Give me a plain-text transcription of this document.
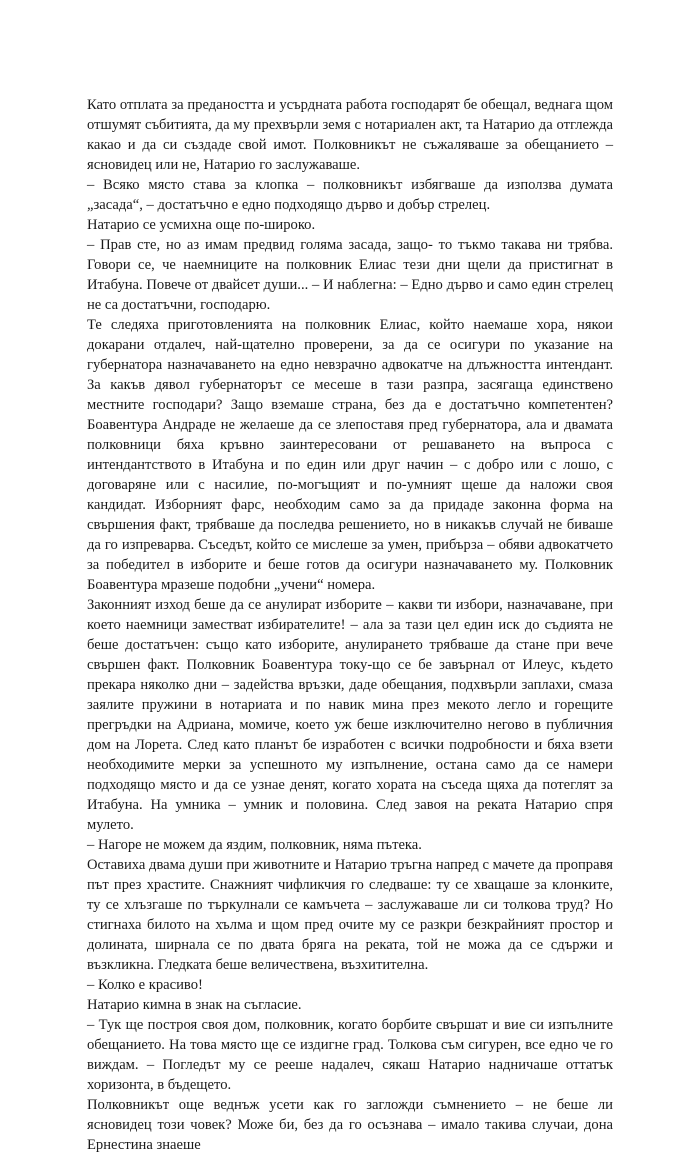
Като отплата за предаността и усърдната работа господарят бе обещал, веднага щом отшумят събитията, да му прехвърли земя с нотариален акт, та Натарио да отглежда какао и да си създаде свой имот. Полковникът не съжаляваше за обещанието – ясновидец или не, Натарио го заслужаваше.

– Всяко място става за клопка – полковникът избягваше да използва думата „засада“, – достатъчно е едно подходящо дърво и добър стрелец.

Натарио се усмихна още по-широко.

– Прав сте, но аз имам предвид голяма засада, защо- то тъкмо такава ни трябва. Говори се, че наемниците на полковник Елиас тези дни щели да пристигнат в Итабуна. Повече от двайсет души... – И наблегна: – Едно дърво и само един стрелец не са достатъчни, господарю.

Те следяха приготовленията на полковник Елиас, който наемаше хора, някои докарани отдалеч, най-щателно проверени, за да се осигури по указание на губернатора назначаването на едно невзрачно адвокатче на длъжността интендант. За какъв дявол губернаторът се месеше в тази разпра, засягаща единствено местните господари? Защо вземаше страна, без да е достатъчно компетентен? Боавентура Андраде не желаеше да се злепоставя пред губернатора, ала и двамата полковници бяха кръвно заинтересовани от решаването на въпроса с интендантството в Итабуна и по един или друг начин – с добро или с лошо, с договаряне или с насилие, по-могъщият и по-умният щеше да наложи своя кандидат. Изборният фарс, необходим само за да придаде законна форма на свършения факт, трябваше да последва решението, но в никакъв случай не биваше да го изпреварва. Съседът, който се мислеше за умен, прибърза – обяви адвокатчето за победител в изборите и беше готов да осигури назначаването му. Полковник Боавентура мразеше подобни „учени“ номера.

Законният изход беше да се анулират изборите – какви ти избори, назначаване, при което наемници заместват избирателите! – ала за тази цел един иск до съдията не беше достатъчен: също като изборите, анулирането трябваше да стане при вече свършен факт. Полковник Боавентура току-що се бе завърнал от Илеус, където прекара няколко дни – задейства връзки, даде обещания, подхвърли заплахи, смаза заялите пружини в нотариата и по навик мина през мекото легло и горещите прегръдки на Адриана, момиче, което уж беше изключително негово в публичния дом на Лорета. След като планът бе изработен с всички подробности и бяха взети необходимите мерки за успешното му изпълнение, остана само да се намери подходящо място и да се узнае денят, когато хората на съседа щяха да потеглят за Итабуна. На умника – умник и половина. След завоя на реката Натарио спря мулето.

– Нагоре не можем да яздим, полковник, няма пътека.

Оставиха двама души при животните и Натарио тръгна напред с мачете да проправя път през храстите. Снажният чифликчия го следваше: ту се хващаше за клонките, ту се хлъзгаше по търкулнали се камъчета – заслужаваше ли си толкова труд? Но стигнаха билото на хълма и щом пред очите му се разкри безкрайният простор и долината, ширнала се по двата бряга на реката, той не можа да се сдържи и възкликна. Гледката беше величествена, възхитителна.

– Колко е красиво!

Натарио кимна в знак на съгласие.

– Тук ще построя своя дом, полковник, когато борбите свършат и вие си изпълните обещанието. На това място ще се издигне град. Толкова съм сигурен, все едно че го виждам. – Погледът му се рееше надалеч, сякаш Натарио надничаше оттатък хоризонта, в бъдещето.

Полковникът още веднъж усети как го загложди съмнението – не беше ли ясновидец този човек? Може би, без да го осъзнава – имало такива случаи, дона Ернестина знаеше
